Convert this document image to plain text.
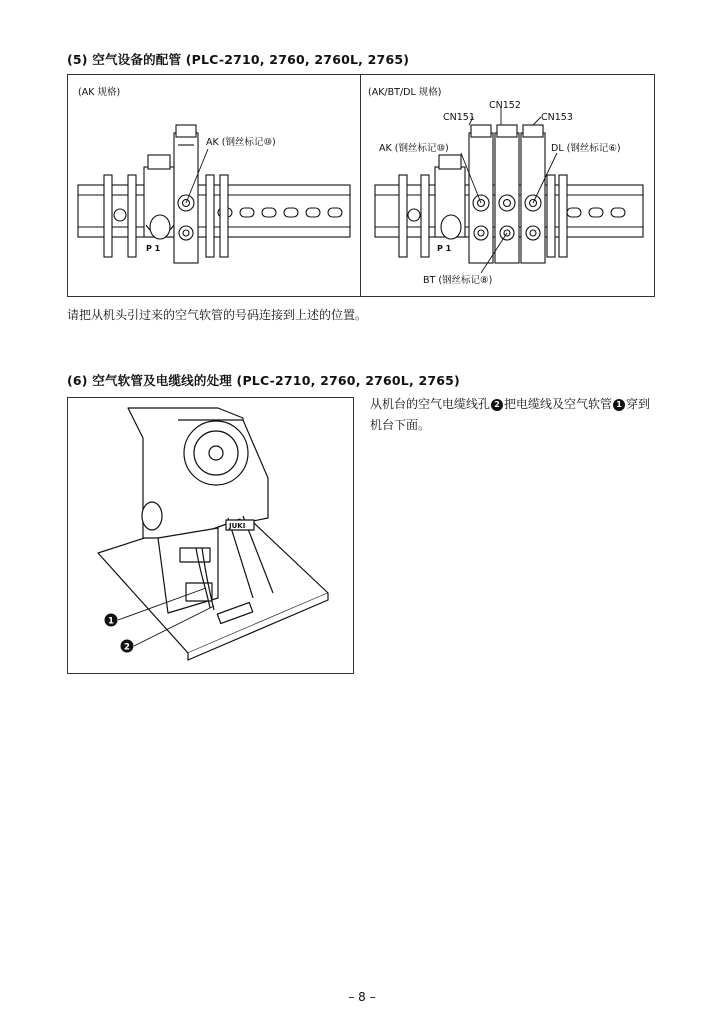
(5) 空气设备的配管 (PLC-2710, 2760, 2760L, 2765)
(AK 规格)	(AK/BT/DL 规格)
P 1
AK (钢丝标记⑩)
P 1
CN151
CN152
CN153
AK (钢丝标记⑩)	DL (钢丝标记⑥)
BT (钢丝标记⑧)
请把从机头引过来的空气软管的号码连接到上述的位置。
(6) 空气软管及电缆线的处理 (PLC-2710, 2760, 2760L, 2765)
JUKI
1
2
从机台的空气电缆线孔 2 把电缆线及空气软管 1 穿到机台下面。
– 8 –
